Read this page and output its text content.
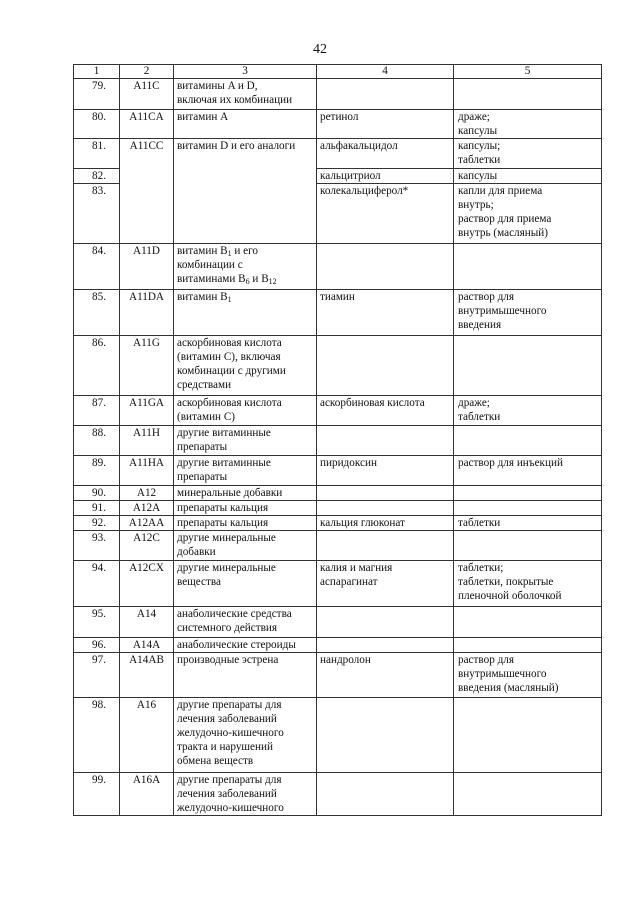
42
1	2	3	4	5
79.	A11C	витамины A и D,
включая их комбинации		

80.	A11CA	витамин A	ретинол	драже;
капсулы

81.	A11CC	витамин D и его аналоги	альфакальцидол	капсулы;
таблетки

82.			кальцитриол	капсулы

83.			колекальциферол*	капли для приема
внутрь;
раствор для приема
внутрь (масляный)

84.	A11D	витамин $B_1$ и его
комбинации с
витаминами $B_6$ и $B_{12}$

85.	A11DA	витамин $B_1$	тиамин	раствор для
внутримышечного
введения

86.	A11G	аскорбиновая кислота
(витамин С), включая
комбинации с другими
средствами		

87.	A11GA	аскорбиновая кислота
(витамин С)	аскорбиновая кислота	драже;
таблетки

88.	A11H	другие витаминные
препараты		

89.	A11HA	другие витаминные
препараты	пиридоксин	раствор для инъекций

90.	A12	минеральные добавки		

91.	A12A	препараты кальция		

92.	A12AA	препараты кальция	кальция глюконат	таблетки

93.	A12C	другие минеральные
добавки		

94.	A12CX	другие минеральные
вещества	калия и магния
аспарагинат	таблетки;
таблетки, покрытые
пленочной оболочкой

95.	A14	анаболические средства
системного действия		

96.	A14A	анаболические стероиды		

97.	A14AB	производные эстрена	нандролон	раствор для
внутримышечного
введения (масляный)

98.	A16	другие препараты для
лечения заболеваний
желудочно-кишечного
тракта и нарушений
обмена веществ		

99.	A16A	другие препараты для
лечения заболеваний
желудочно-кишечного		
